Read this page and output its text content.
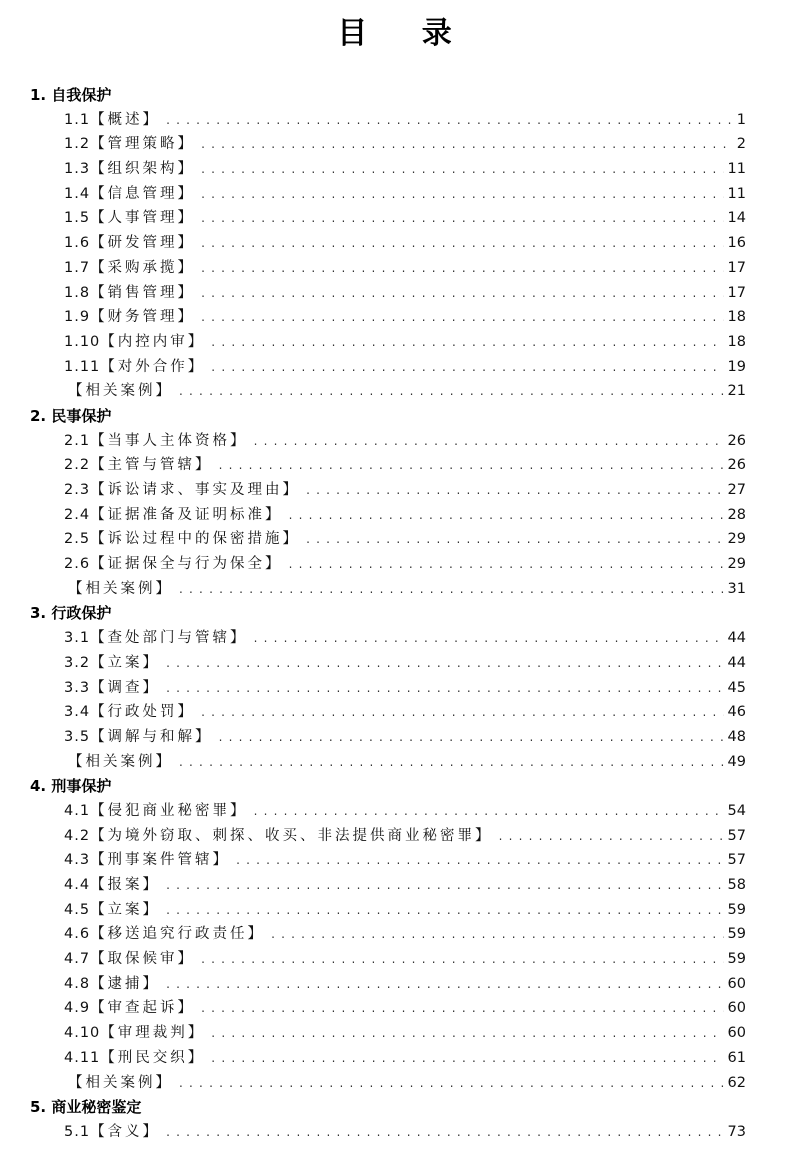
目 录
1. 自我保护
1.1 【概述】 . . .	1
1.2 【管理策略】 . . .	2
1.3 【组织架构】 . . .	11
1.4 【信息管理】 . . .	11
1.5 【人事管理】 . . .	14
1.6 【研发管理】 . . .	16
1.7 【采购承揽】 . . .	17
1.8 【销售管理】 . . .	17
1.9 【财务管理】 . . .	18
1.10 【内控内审】 . . .	18
1.11 【对外合作】 . . .	19
【相关案例】 . . .	21
2. 民事保护
2.1 【当事人主体资格】 . . .	26
2.2 【主管与管辖】 . . .	26
2.3 【诉讼请求、事实及理由】 . . .	27
2.4 【证据准备及证明标准】 . . .	28
2.5 【诉讼过程中的保密措施】 . . .	29
2.6 【证据保全与行为保全】 . . .	29
【相关案例】 . . .	31
3. 行政保护
3.1 【查处部门与管辖】 . . .	44
3.2 【立案】 . . .	44
3.3 【调查】 . . .	45
3.4 【行政处罚】 . . .	46
3.5 【调解与和解】 . . .	48
【相关案例】 . . .	49
4. 刑事保护
4.1 【侵犯商业秘密罪】 . . .	54
4.2 【为境外窃取、刺探、收买、非法提供商业秘密罪】 . . .	57
4.3 【刑事案件管辖】 . . .	57
4.4 【报案】 . . .	58
4.5 【立案】 . . .	59
4.6 【移送追究行政责任】 . . .	59
4.7 【取保候审】 . . .	59
4.8 【逮捕】 . . .	60
4.9 【审查起诉】 . . .	60
4.10 【审理裁判】 . . .	60
4.11 【刑民交织】 . . .	61
【相关案例】 . . .	62
5. 商业秘密鉴定
5.1 【含义】 . . .	73
